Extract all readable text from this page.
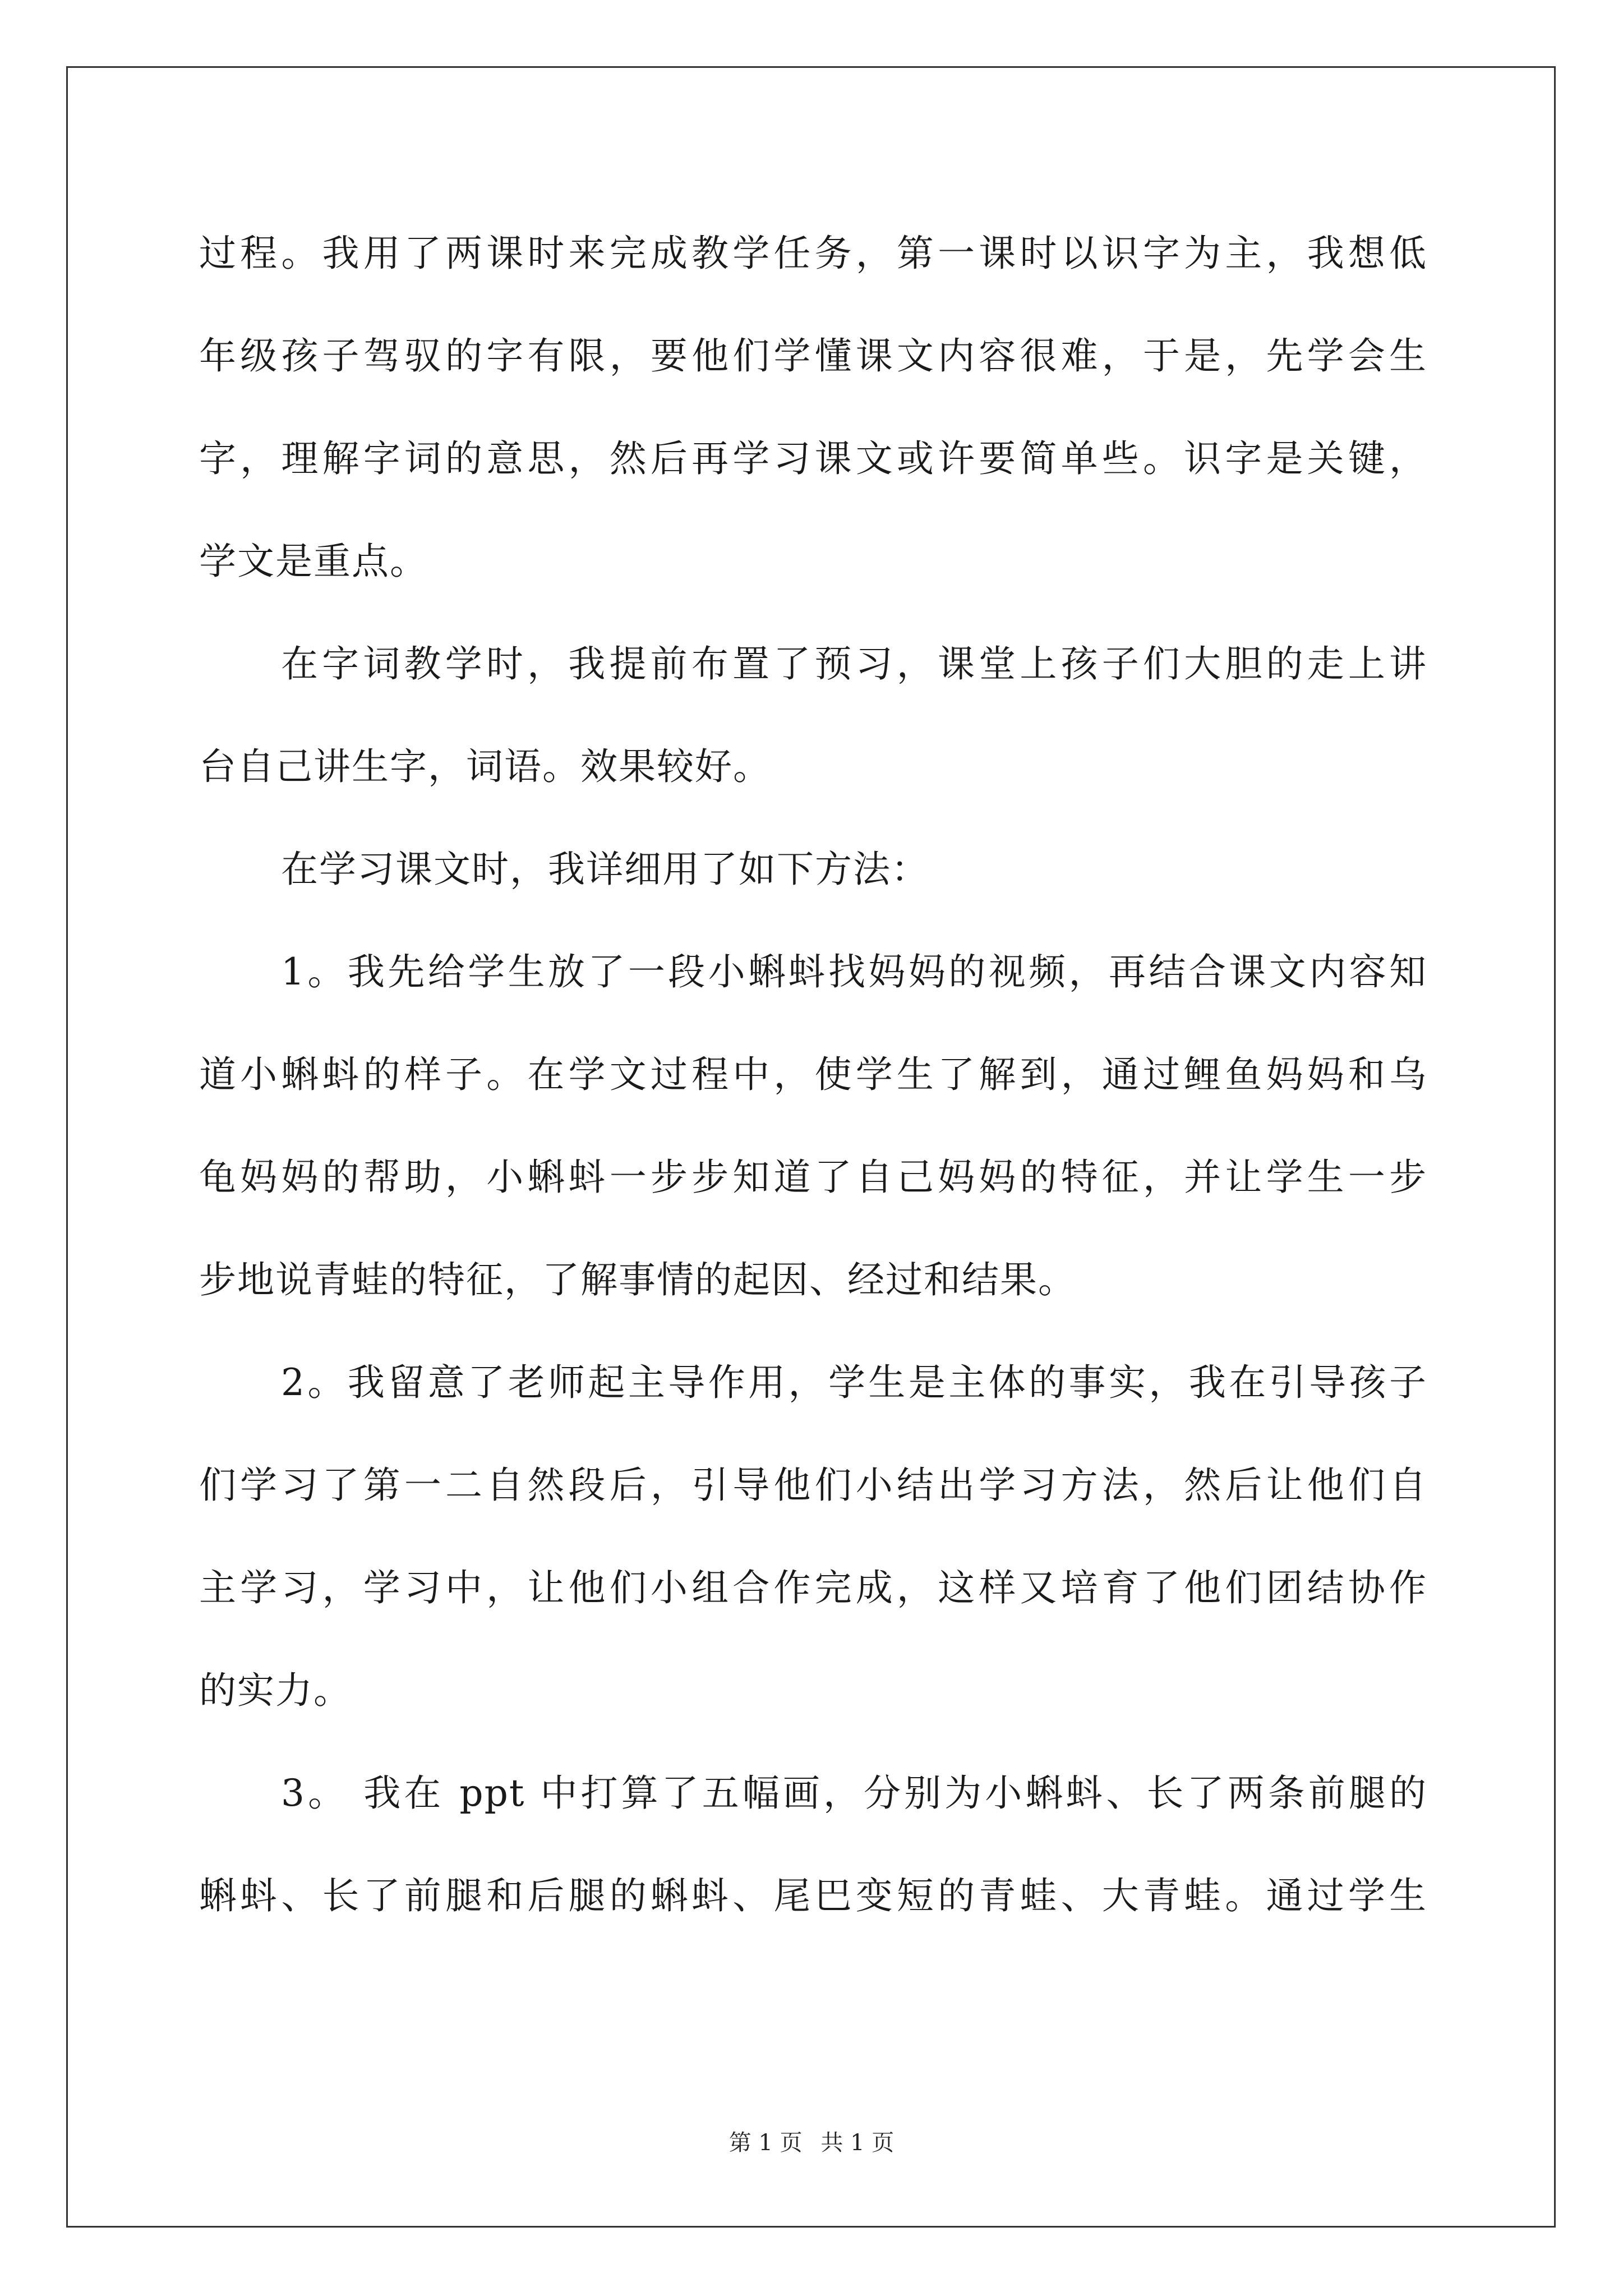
过程。我用了两课时来完成教学任务，第一课时以识字为主，我想低
年级孩子驾驭的字有限，要他们学懂课文内容很难，于是，先学会生
字，理解字词的意思，然后再学习课文或许要简单些。识字是关键，
学文是重点。
在字词教学时，我提前布置了预习，课堂上孩子们大胆的走上讲
台自己讲生字，词语。效果较好。
在学习课文时，我详细用了如下方法：
1。我先给学生放了一段小蝌蚪找妈妈的视频，再结合课文内容知
道小蝌蚪的样子。在学文过程中，使学生了解到，通过鲤鱼妈妈和乌
龟妈妈的帮助，小蝌蚪一步步知道了自己妈妈的特征，并让学生一步
步地说青蛙的特征，了解事情的起因、经过和结果。
2。我留意了老师起主导作用，学生是主体的事实，我在引导孩子
们学习了第一二自然段后，引导他们小结出学习方法，然后让他们自
主学习，学习中，让他们小组合作完成，这样又培育了他们团结协作
的实力。
3。 我在 ppt 中打算了五幅画，分别为小蝌蚪、长了两条前腿的
蝌蚪、长了前腿和后腿的蝌蚪、尾巴变短的青蛙、大青蛙。通过学生
第 1 页 共 1 页
